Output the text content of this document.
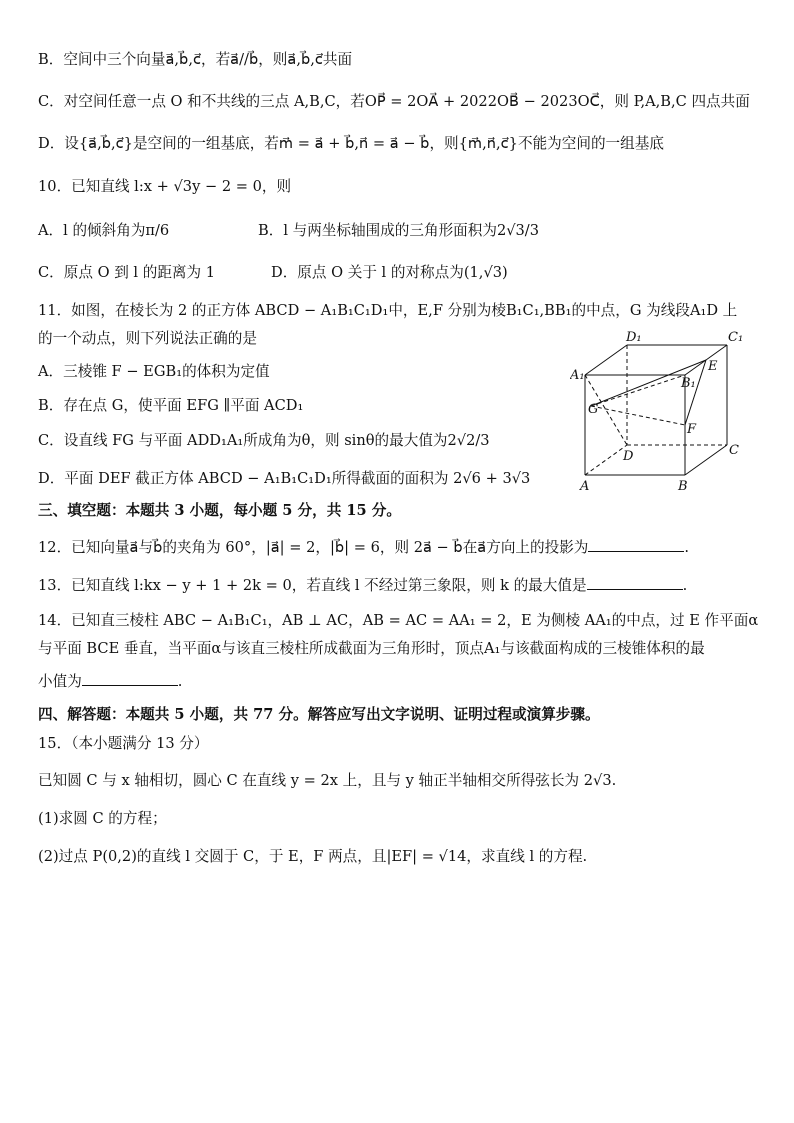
B．空间中三个向量a⃗,b⃗,c⃗，若a⃗//b⃗，则a⃗,b⃗,c⃗共面
C．对空间任意一点 O 和不共线的三点 A,B,C，若OP⃗ = 2OA⃗ + 2022OB⃗ − 2023OC⃗，则 P,A,B,C 四点共面
D．设{a⃗,b⃗,c⃗}是空间的一组基底，若m⃗ = a⃗ + b⃗,n⃗ = a⃗ − b⃗，则{m⃗,n⃗,c⃗}不能为空间的一组基底
10．已知直线 l:x + √3y − 2 = 0，则
A．l 的倾斜角为π/6	B．l 与两坐标轴围成的三角形面积为2√3/3
C．原点 O 到 l 的距离为 1	D．原点 O 关于 l 的对称点为(1,√3)
11．如图，在棱长为 2 的正方体 ABCD − A₁B₁C₁D₁中，E,F 分别为棱B₁C₁,BB₁的中点，G 为线段A₁D 上
的一个动点，则下列说法正确的是
A．三棱锥 F − EGB₁的体积为定值
B．存在点 G，使平面 EFG ∥平面 ACD₁
C．设直线 FG 与平面 ADD₁A₁所成角为θ，则 sinθ的最大值为2√2/3
D．平面 DEF 截正方体 ABCD − A₁B₁C₁D₁所得截面的面积为 2√6 + 3√3
三、填空题：本题共 3 小题，每小题 5 分，共 15 分。
12．已知向量a⃗与b⃗的夹角为 60°，|a⃗| = 2，|b⃗| = 6，则 2a⃗ − b⃗在a⃗方向上的投影为	.
13．已知直线 l:kx − y + 1 + 2k = 0，若直线 l 不经过第三象限，则 k 的最大值是	.
14．已知直三棱柱 ABC − A₁B₁C₁，AB ⊥ AC，AB = AC = AA₁ = 2，E 为侧棱 AA₁的中点，过 E 作平面α
与平面 BCE 垂直，当平面α与该直三棱柱所成截面为三角形时，顶点A₁与该截面构成的三棱锥体积的最
小值为	.
四、解答题：本题共 5 小题，共 77 分。解答应写出文字说明、证明过程或演算步骤。
15．（本小题满分 13 分）
已知圆 C 与 x 轴相切，圆心 C 在直线 y = 2x 上，且与 y 轴正半轴相交所得弦长为 2√3.
(1)求圆 C 的方程；
(2)过点 P(0,2)的直线 l 交圆于 C，于 E，F 两点，且|EF| = √14，求直线 l 的方程.
D₁	C₁
A₁
B₁
E
G
F
D	C
A	B
